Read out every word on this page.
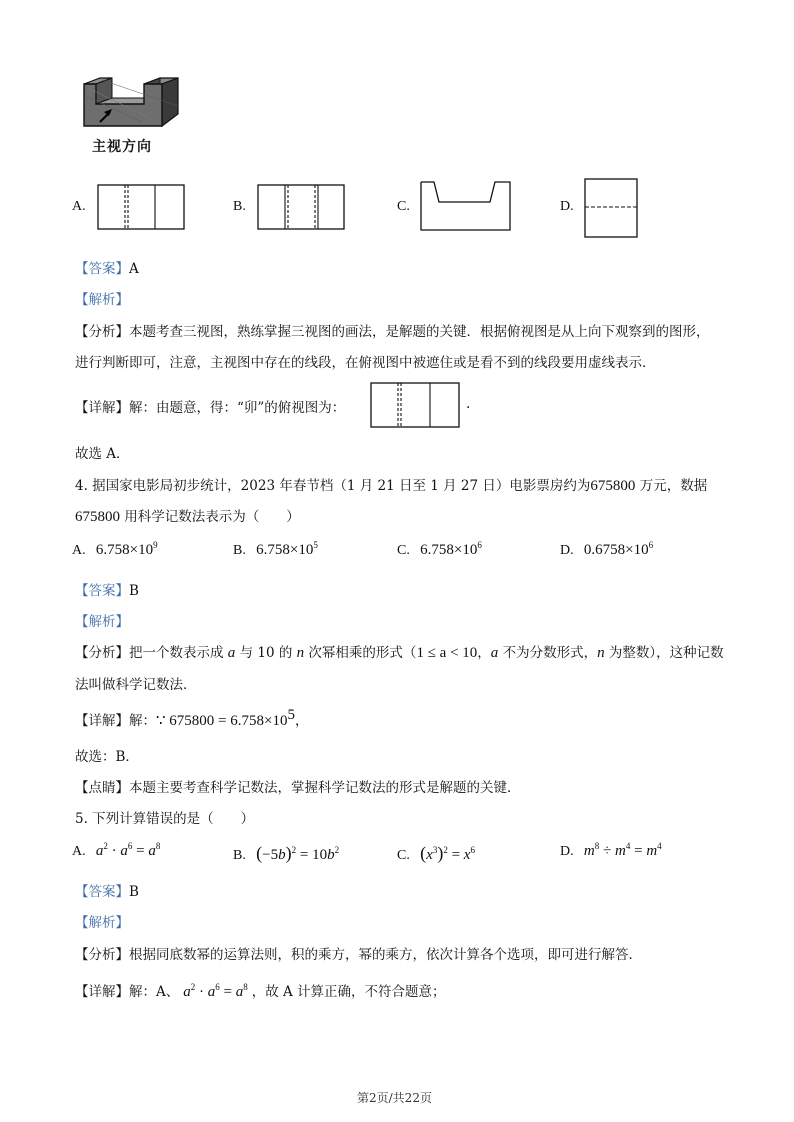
主视方向
A.	B.	C.	D.
【答案】A
【解析】
【分析】本题考查三视图，熟练掌握三视图的画法，是解题的关键．根据俯视图是从上向下观察到的图形，
进行判断即可，注意，主视图中存在的线段，在俯视图中被遮住或是看不到的线段要用虚线表示．
【详解】解：由题意，得：“卯”的俯视图为：	.
故选 A．
4. 据国家电影局初步统计，2023 年春节档（1 月 21 日至 1 月 27 日）电影票房约为675800 万元，数据
675800 用科学记数法表示为（　　）
A. $6.758\times 10^9$	B. $6.758\times 10^5$	C. $6.758\times 10^6$	D. $0.6758\times 10^6$
【答案】B
【解析】
【分析】把一个数表示成 a 与 10 的 n 次幂相乘的形式（1 ≤ a < 10，a 不为分数形式，n 为整数），这种记数
法叫做科学记数法．
【详解】解：∵ $675800 = 6.758\times 10^5$，
故选：B．
【点睛】本题主要考查科学记数法，掌握科学记数法的形式是解题的关键．
5. 下列计算错误的是（　　）
A. $a^2 \cdot a^6 = a^8$
B. $(-5b)^2 = 10b^2$	C. $(x^3)^2 = x^6$	D. $m^8 \div m^4 = m^4$
【答案】B
【解析】
【分析】根据同底数幂的运算法则，积的乘方，幂的乘方，依次计算各个选项，即可进行解答．
【详解】解：A、 $a^2 \cdot a^6 = a^8$ ，故 A 计算正确，不符合题意；
第2页/共22页
